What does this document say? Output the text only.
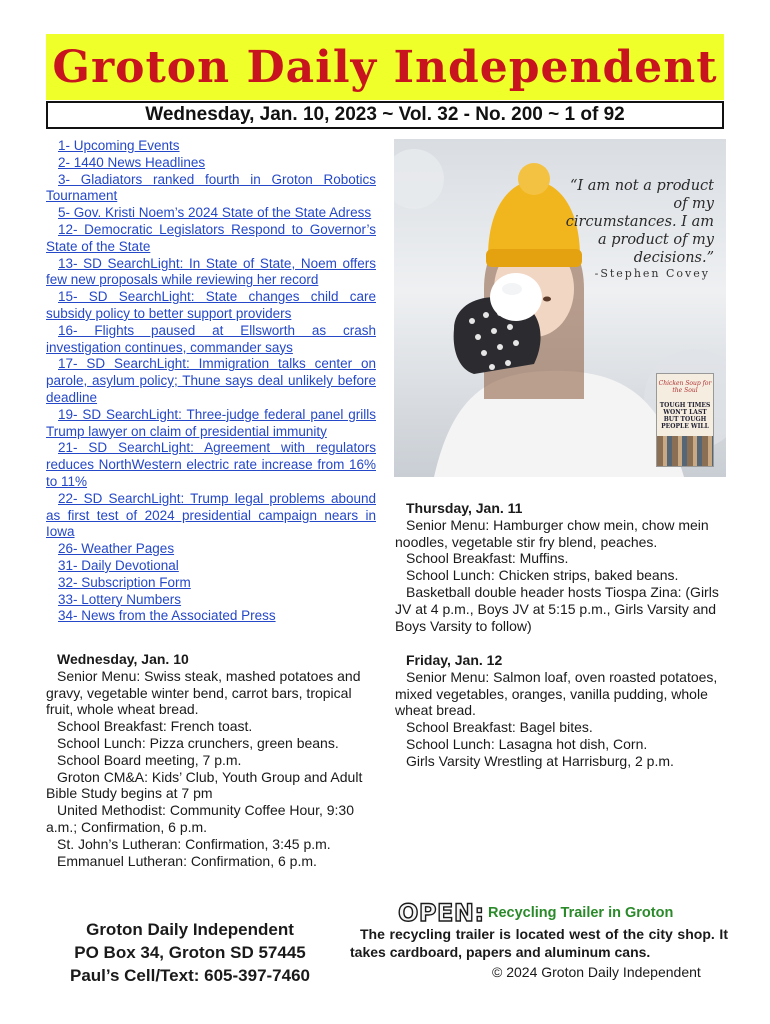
Groton Daily Independent
Wednesday, Jan. 10, 2023 ~ Vol. 32 - No. 200 ~ 1 of 92
1- Upcoming Events
2- 1440 News Headlines
3- Gladiators ranked fourth in Groton Robotics Tournament
5- Gov. Kristi Noem’s 2024 State of the State Adress
12- Democratic Legislators Respond to Governor’s State of the State
13- SD SearchLight: In State of State, Noem offers few new proposals while reviewing her record
15- SD SearchLight: State changes child care subsidy policy to better support providers
16- Flights paused at Ellsworth as crash investigation continues, commander says
17- SD SearchLight: Immigration talks center on parole, asylum policy; Thune says deal unlikely before deadline
19- SD SearchLight: Three-judge federal panel grills Trump lawyer on claim of presidential immunity
21- SD SearchLight: Agreement with regulators reduces NorthWestern electric rate increase from 16% to 11%
22- SD SearchLight: Trump legal problems abound as first test of 2024 presidential campaign nears in Iowa
26- Weather Pages
31- Daily Devotional
32- Subscription Form
33- Lottery Numbers
34- News from the Associated Press
“I am not a product of my circumstances. I am a product of my decisions.”
-Stephen Covey
Chicken Soup for the Soul
TOUGH TIMES WON'T LAST BUT TOUGH PEOPLE WILL

Wednesday, Jan. 10

Senior Menu: Swiss steak, mashed potatoes and gravy, vegetable winter bend, carrot bars, tropical fruit, whole wheat bread.

School Breakfast: French toast.

School Lunch: Pizza crunchers, green beans.

School Board meeting, 7 p.m.

Groton CM&A: Kids’ Club, Youth Group and Adult Bible Study begins at 7 pm

United Methodist: Community Coffee Hour, 9:30 a.m.; Confirmation, 6 p.m.

St. John’s Lutheran: Confirmation, 3:45 p.m.

Emmanuel Lutheran: Confirmation, 6 p.m.

Thursday, Jan. 11

Senior Menu: Hamburger chow mein, chow mein noodles, vegetable stir fry blend, peaches.

School Breakfast: Muffins.

School Lunch: Chicken strips, baked beans.

Basketball double header hosts Tiospa Zina: (Girls JV at 4 p.m., Boys JV at 5:15 p.m., Girls Varsity and Boys Varsity to follow)

Friday, Jan. 12

Senior Menu: Salmon loaf, oven roasted potatoes, mixed vegetables, oranges, vanilla pudding, whole wheat bread.

School Breakfast: Bagel bites.

School Lunch: Lasagna hot dish, Corn.

Girls Varsity Wrestling at Harrisburg, 2 p.m.

Groton Daily Independent
PO Box 34, Groton SD 57445
Paul’s Cell/Text: 605-397-7460
OPEN: Recycling Trailer in Groton
The recycling trailer is located west of the city shop. It takes cardboard, papers and aluminum cans.
© 2024 Groton Daily Independent
